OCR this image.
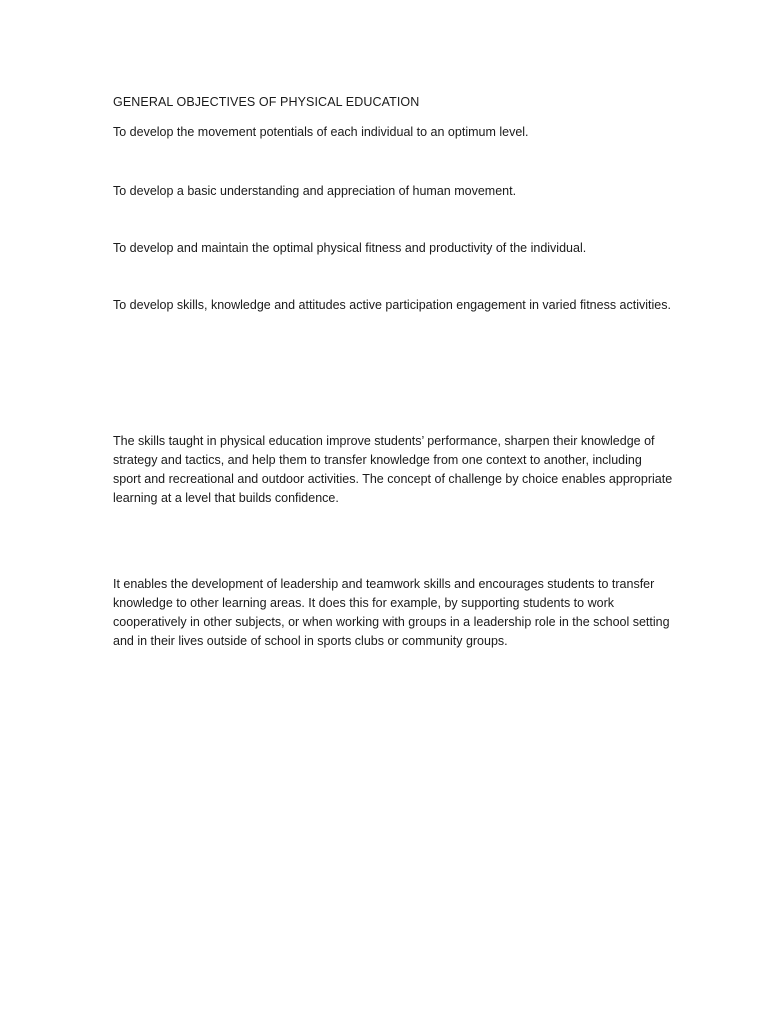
GENERAL OBJECTIVES OF PHYSICAL EDUCATION

To develop the movement potentials of each individual to an optimum level.

To develop a basic understanding and appreciation of human movement.

To develop and maintain the optimal physical fitness and productivity of the individual.

To develop skills, knowledge and attitudes active participation engagement in varied fitness activities.

The skills taught in physical education improve students’ performance, sharpen their knowledge of strategy and tactics, and help them to transfer knowledge from one context to another, including sport and recreational and outdoor activities. The concept of challenge by choice enables appropriate learning at a level that builds confidence.

It enables the development of leadership and teamwork skills and encourages students to transfer knowledge to other learning areas. It does this for example, by supporting students to work cooperatively in other subjects, or when working with groups in a leadership role in the school setting and in their lives outside of school in sports clubs or community groups.
